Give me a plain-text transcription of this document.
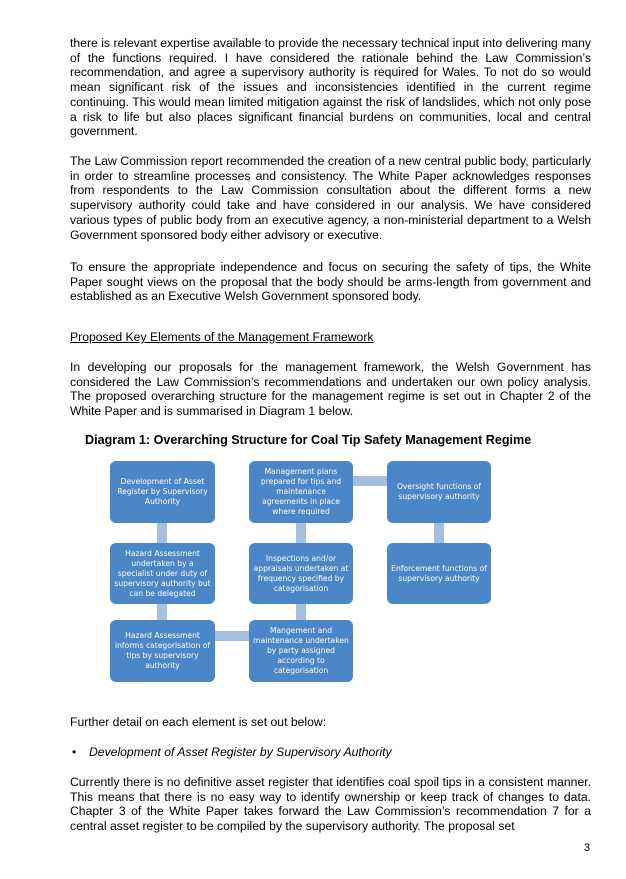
there is relevant expertise available to provide the necessary technical input into delivering many of the functions required. I have considered the rationale behind the Law Commission’s recommendation, and agree a supervisory authority is required for Wales. To not do so would mean significant risk of the issues and inconsistencies identified in the current regime continuing. This would mean limited mitigation against the risk of landslides, which not only pose a risk to life but also places significant financial burdens on communities, local and central government.

The Law Commission report recommended the creation of a new central public body, particularly in order to streamline processes and consistency. The White Paper acknowledges responses from respondents to the Law Commission consultation about the different forms a new supervisory authority could take and have considered in our analysis. We have considered various types of public body from an executive agency, a non-ministerial department to a Welsh Government sponsored body either advisory or executive.

To ensure the appropriate independence and focus on securing the safety of tips, the White Paper sought views on the proposal that the body should be arms-length from government and established as an Executive Welsh Government sponsored body.

Proposed Key Elements of the Management Framework

In developing our proposals for the management framework, the Welsh Government has considered the Law Commission’s recommendations and undertaken our own policy analysis. The proposed overarching structure for the management regime is set out in Chapter 2 of the White Paper and is summarised in Diagram 1 below.

Diagram 1: Overarching Structure for Coal Tip Safety Management Regime

Development of Asset Register by Supervisory Authority
Hazard Assessment undertaken by a specialist under duty of supervisory authority but can be delegated
Hazard Assessment informs categorisation of tips by supervisory authority
Management plans prepared for tips and maintenance agreements in place where required
Inspections and/or appraisals undertaken at frequency specified by categorisation
Mangement and maintenance undertaken by party assigned according to categorisation
Oversight functions of supervisory authority
Enforcement functions of supervisory authority

Further detail on each element is set out below:

• Development of Asset Register by Supervisory Authority

Currently there is no definitive asset register that identifies coal spoil tips in a consistent manner. This means that there is no easy way to identify ownership or keep track of changes to data. Chapter 3 of the White Paper takes forward the Law Commission’s recommendation 7 for a central asset register to be compiled by the supervisory authority. The proposal set

3
